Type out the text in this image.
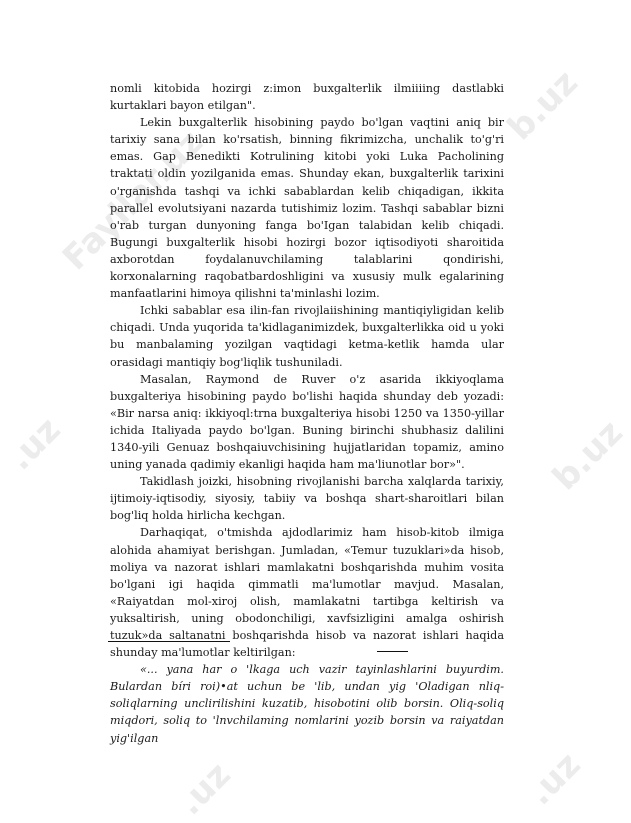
Fayllar.uz
b.uz
.uz	b.uz
.uz	.uz

nomli kitobida hozirgi z:imon buxgalterlik ilmiiiing dastlabki kurtaklari bayon etilgan".

Lekin buxgalterlik hisobining paydo bo'lgan vaqtini aniq bir tarixiy sana bilan ko'rsatish, binning fikrimizcha, unchalik to'g'ri emas. Gap Benedikti Kotrulining kitobi yoki Luka Pacholining traktati oldin yozilganida emas. Shunday ekan, buxgalterlik tarixini o'rganishda tashqi va ichki sabablardan kelib chiqadigan, ikkita parallel evolutsiyani nazarda tutishimiz lozim. Tashqi sabablar bizni o'rab turgan dunyoning fanga bo'Igan talabidan kelib chiqadi. Bugungi buxgalterlik hisobi hozirgi bozor iqtisodiyoti sharoitida axborotdan foydalanuvchilaming talablarini qondirishi, korxonalarning raqobatbardoshligini va xususiy mulk egalarining manfaatlarini himoya qilishni ta'minlashi lozim.

Ichki sabablar esa ilin-fan rivojlaiishining mantiqiyligidan kelib chiqadi. Unda yuqorida ta'kidlaganimizdek, buxgalterlikka oid u yoki bu manbalaming yozilgan vaqtidagi ketma-ketlik hamda ular orasidagi mantiqiy bog'liqlik tushuniladi.

Masalan, Raymond de Ruver o'z asarida ikkiyoqlama buxgalteriya hisobining paydo bo'lishi haqida shunday deb yozadi: «Bir narsa aniq: ikkiyoql:trna buxgalteriya hisobi 1250 va 1350-yillar ichida Italiyada paydo bo'lgan. Buning birinchi shubhasiz dalilini 1340-yili Genuaz boshqaiuvchisining hujjatlaridan topamiz, amino uning yanada qadimiy ekanligi haqida ham ma'liunotlar bor»".

Takidlash joizki, hisobning rivojlanishi barcha xalqlarda tarixiy, ijtimoiy-iqtisodiy, siyosiy, tabiiy va boshqa shart-sharoitlari bilan bog'liq holda hirlicha kechgan.

Darhaqiqat, o'tmishda ajdodlarimiz ham hisob-kitob ilmiga alohida ahamiyat berishgan. Jumladan, «Temur tuzuklari»da hisob, moliya va nazorat ishlari mamlakatni boshqarishda muhim vosita bo'lgani igi haqida qimmatli ma'lumotlar mavjud. Masalan, «Raiyatdan mol-xiroj olish, mamlakatni tartibga keltirish va yuksaltirish, uning obodonchiligi, xavfsizligini amalga oshirish tuzuk»da saltanatni boshqarishda hisob va nazorat ishlari haqida shunday ma'lumotlar keltirilgan:

«... yana har o 'lkaga uch vazir tayinlashlarini buyurdim. Bulardan bíri roi)•at uchun be 'lib, undan yig 'Oladigan nliq-soliqlarning unclirilishini kuzatib, hisobotini olib borsin. Oliq-soliq miqdori, soliq to 'lnvchilaming nomlarini yozib borsin va raiyatdan yig'ilgan
